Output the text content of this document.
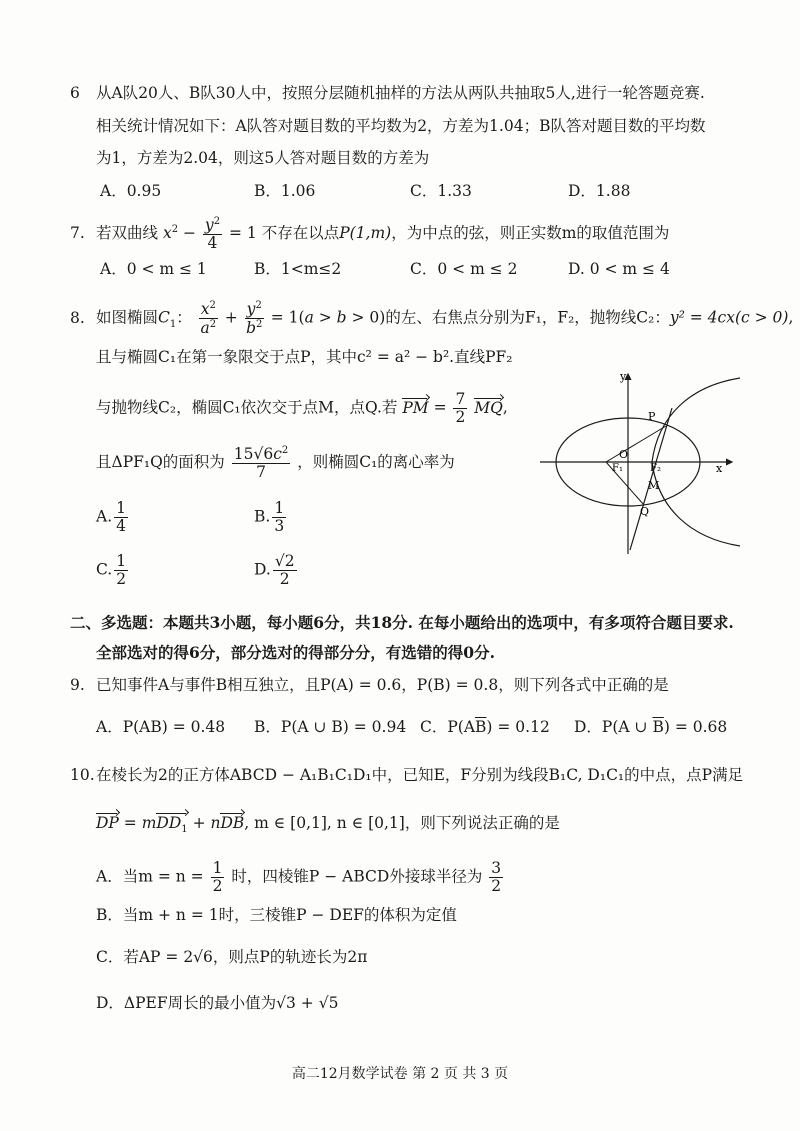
6 从A队20人、B队30人中，按照分层随机抽样的方法从两队共抽取5人,进行一轮答题竞赛.
相关统计情况如下：A队答对题目数的平均数为2，方差为1.04；B队答对题目数的平均数
为1，方差为2.04，则这5人答对题目数的方差为
A．0.95	B．1.06	C．1.33	D．1.88
7. 若双曲线 $x^2 - \frac{y^2}{4} = 1$ 不存在以点P(1,m)，为中点的弦，则正实数m的取值范围为
A．0 < m ≤ 1	B．1<m≤2	C．0 < m ≤ 2	D. 0 < m ≤ 4
8. 如图椭圆$C_1$： $\frac{x^2}{a^2} + \frac{y^2}{b^2} = 1(a > b > 0)$的左、右焦点分别为F₁，F₂，抛物线C₂：y² = 4cx(c > 0),
且与椭圆C₁在第一象限交于点P，其中c² = a² − b².直线PF₂
与抛物线C₂，椭圆C₁依次交于点M，点Q.若 PM = $\frac{7}{2}$ MQ,
且ΔPF₁Q的面积为 $\frac{15√6c^2}{7}$ ，则椭圆C₁的离心率为
A. $\frac{1}{4}$	B. $\frac{1}{3}$
C. $\frac{1}{2}$	D. $\frac{√2}{2}$
y
x
O
P
F₁	F₂
M
Q
二、多选题：本题共3小题，每小题6分，共18分. 在每小题给出的选项中，有多项符合题目要求.
全部选对的得6分，部分选对的得部分分，有选错的得0分.
9. 已知事件A与事件B相互独立，且P(A) = 0.6，P(B) = 0.8，则下列各式中正确的是
A．P(AB) = 0.48 B．P(A ∪ B) = 0.94 C．$P(A\overline{B}) = 0.12$ D．P(A ∪ $\overline{B}) = 0.68$
10.在棱长为2的正方体ABCD − A₁B₁C₁D₁中，已知E，F分别为线段B₁C, D₁C₁的中点，点P满足
DP = mDD$_1$ + nDB, m ∈ [0,1], n ∈ [0,1]，则下列说法正确的是
A．当$m = n = \frac{1}{2}$ 时，四棱锥P − ABCD外接球半径为 $\frac{3}{2}$
B．当m + n = 1时，三棱锥P − DEF的体积为定值
C．若AP = 2√6，则点P的轨迹长为2π
D．ΔPEF周长的最小值为√3 + √5
高二12月数学试卷 第 2 页 共 3 页
